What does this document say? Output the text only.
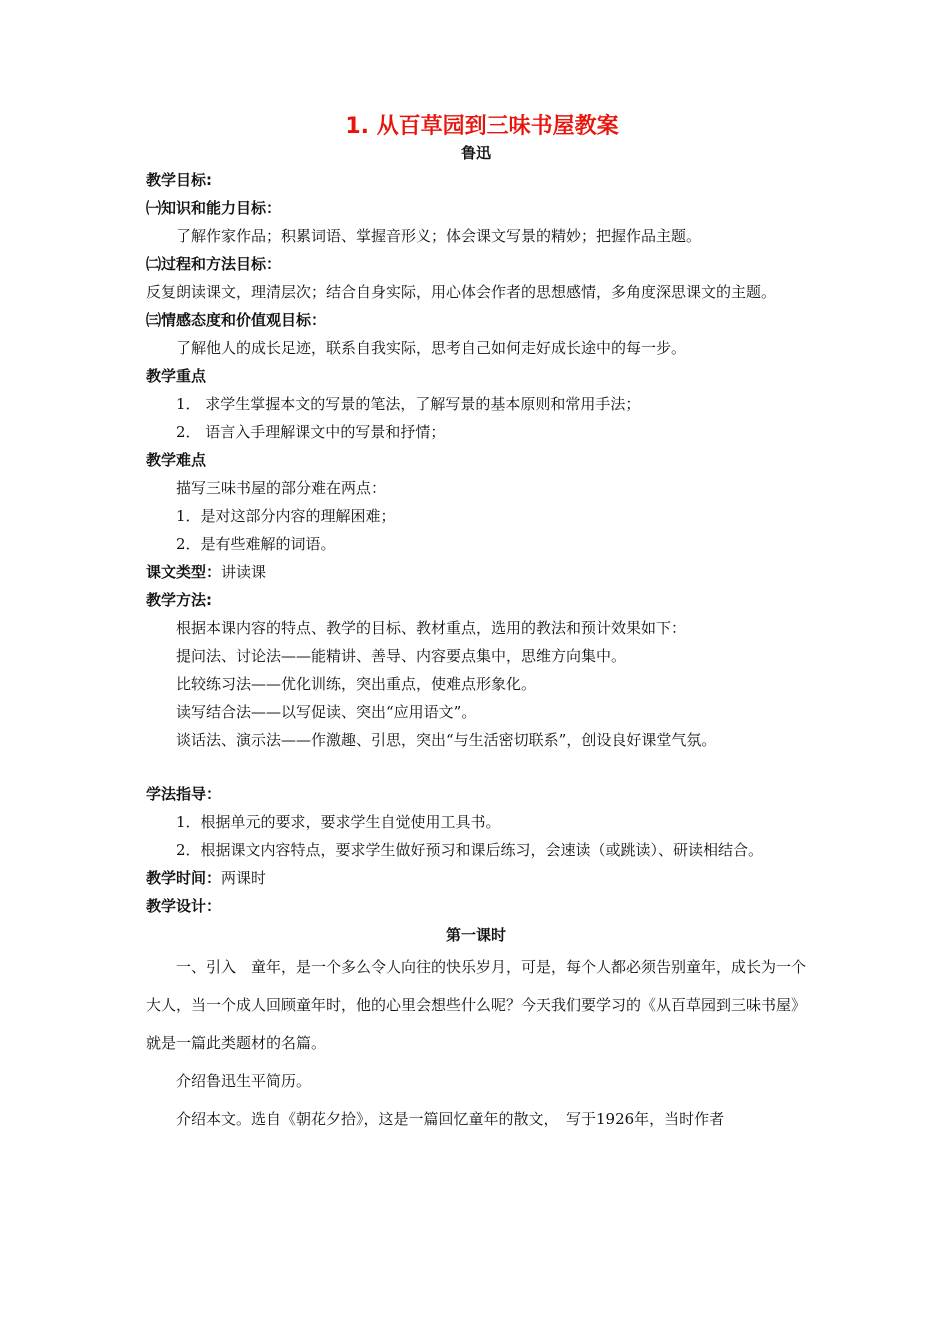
1. 从百草园到三味书屋教案
鲁迅
教学目标:
㈠知识和能力目标：
了解作家作品；积累词语、掌握音形义；体会课文写景的精妙；把握作品主题。
㈡过程和方法目标：
反复朗读课文，理清层次；结合自身实际，用心体会作者的思想感情，多角度深思课文的主题。
㈢情感态度和价值观目标：
了解他人的成长足迹，联系自我实际，思考自己如何走好成长途中的每一步。
教学重点
1． 求学生掌握本文的写景的笔法，了解写景的基本原则和常用手法；
2． 语言入手理解课文中的写景和抒情；
教学难点
描写三味书屋的部分难在两点：
1．是对这部分内容的理解困难；
2．是有些难解的词语。
课文类型：讲读课
教学方法:
根据本课内容的特点、教学的目标、教材重点，选用的教法和预计效果如下：
提问法、讨论法——能精讲、善导、内容要点集中，思维方向集中。
比较练习法——优化训练，突出重点，使难点形象化。
读写结合法——以写促读、突出“应用语文”。
谈话法、演示法——作激趣、引思，突出“与生活密切联系”，创设良好课堂气氛。
学法指导：
1．根据单元的要求，要求学生自觉使用工具书。
2．根据课文内容特点，要求学生做好预习和课后练习，会速读（或跳读）、研读相结合。
教学时间：两课时
教学设计：
第一课时
一、引入　童年，是一个多么令人向往的快乐岁月，可是，每个人都必须告别童年，成长为一个大人，当一个成人回顾童年时，他的心里会想些什么呢？今天我们要学习的《从百草园到三味书屋》就是一篇此类题材的名篇。
介绍鲁迅生平简历。
介绍本文。选自《朝花夕拾》，这是一篇回忆童年的散文，　写于1926年，当时作者
